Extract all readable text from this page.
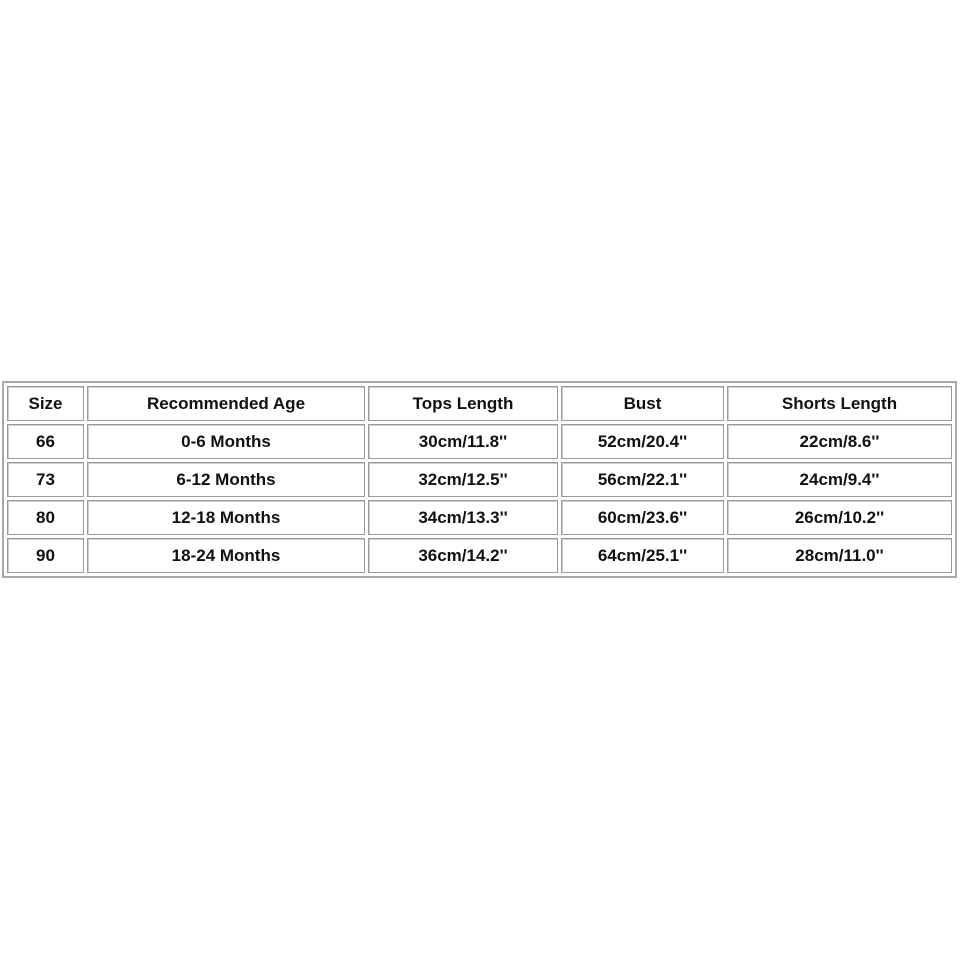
Size	Recommended Age	Tops Length	Bust	Shorts Length
66	0-6 Months	30cm/11.8''	52cm/20.4''	22cm/8.6''
73	6-12 Months	32cm/12.5''	56cm/22.1''	24cm/9.4''
80	12-18 Months	34cm/13.3''	60cm/23.6''	26cm/10.2''
90	18-24 Months	36cm/14.2''	64cm/25.1''	28cm/11.0''
